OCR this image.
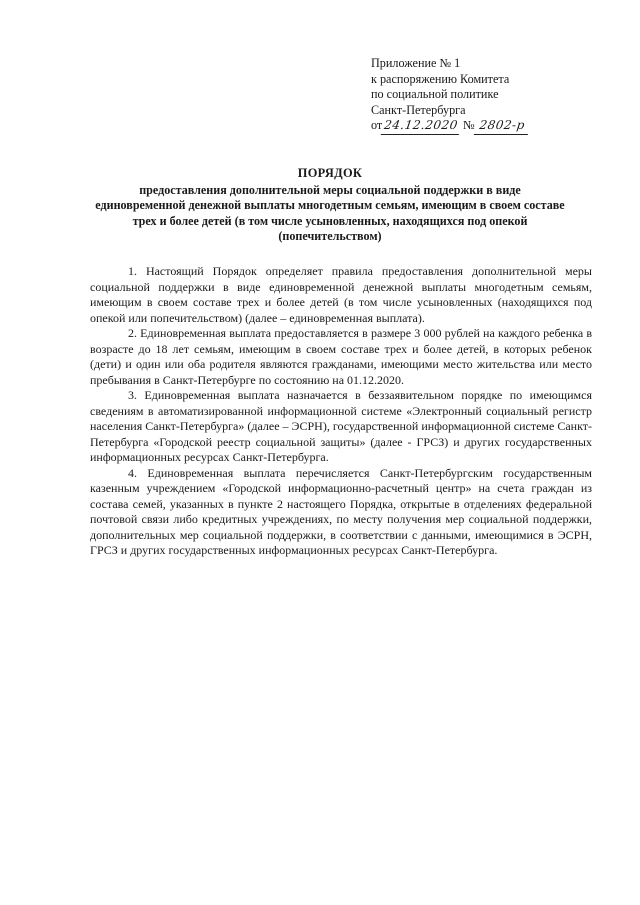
Приложение № 1
к распоряжению Комитета
по социальной политике
Санкт-Петербурга
от24.12.2020 № 2802-р
ПОРЯДОК
предоставления дополнительной меры социальной поддержки в виде
единовременной денежной выплаты многодетным семьям, имеющим в своем составе
трех и более детей (в том числе усыновленных, находящихся под опекой
(попечительством)

1. Настоящий Порядок определяет правила предоставления дополнительной меры социальной поддержки в виде единовременной денежной выплаты многодетным семьям, имеющим в своем составе трех и более детей (в том числе усыновленных (находящихся под опекой или попечительством) (далее – единовременная выплата).

2. Единовременная выплата предоставляется в размере 3 000 рублей на каждого ребенка в возрасте до 18 лет семьям, имеющим в своем составе трех и более детей, в которых ребенок (дети) и один или оба родителя являются гражданами, имеющими место жительства или место пребывания в Санкт-Петербурге по состоянию на 01.12.2020.

3. Единовременная выплата назначается в беззаявительном порядке по имеющимся сведениям в автоматизированной информационной системе «Электронный социальный регистр населения Санкт-Петербурга» (далее – ЭСРН), государственной информационной системе Санкт-Петербурга «Городской реестр социальной защиты» (далее - ГРСЗ) и других государственных информационных ресурсах Санкт-Петербурга.

4. Единовременная выплата перечисляется Санкт-Петербургским государственным казенным учреждением «Городской информационно-расчетный центр» на счета граждан из состава семей, указанных в пункте 2 настоящего Порядка, открытые в отделениях федеральной почтовой связи либо кредитных учреждениях, по месту получения мер социальной поддержки, дополнительных мер социальной поддержки, в соответствии с данными, имеющимися в ЭСРН, ГРСЗ и других государственных информационных ресурсах Санкт-Петербурга.
